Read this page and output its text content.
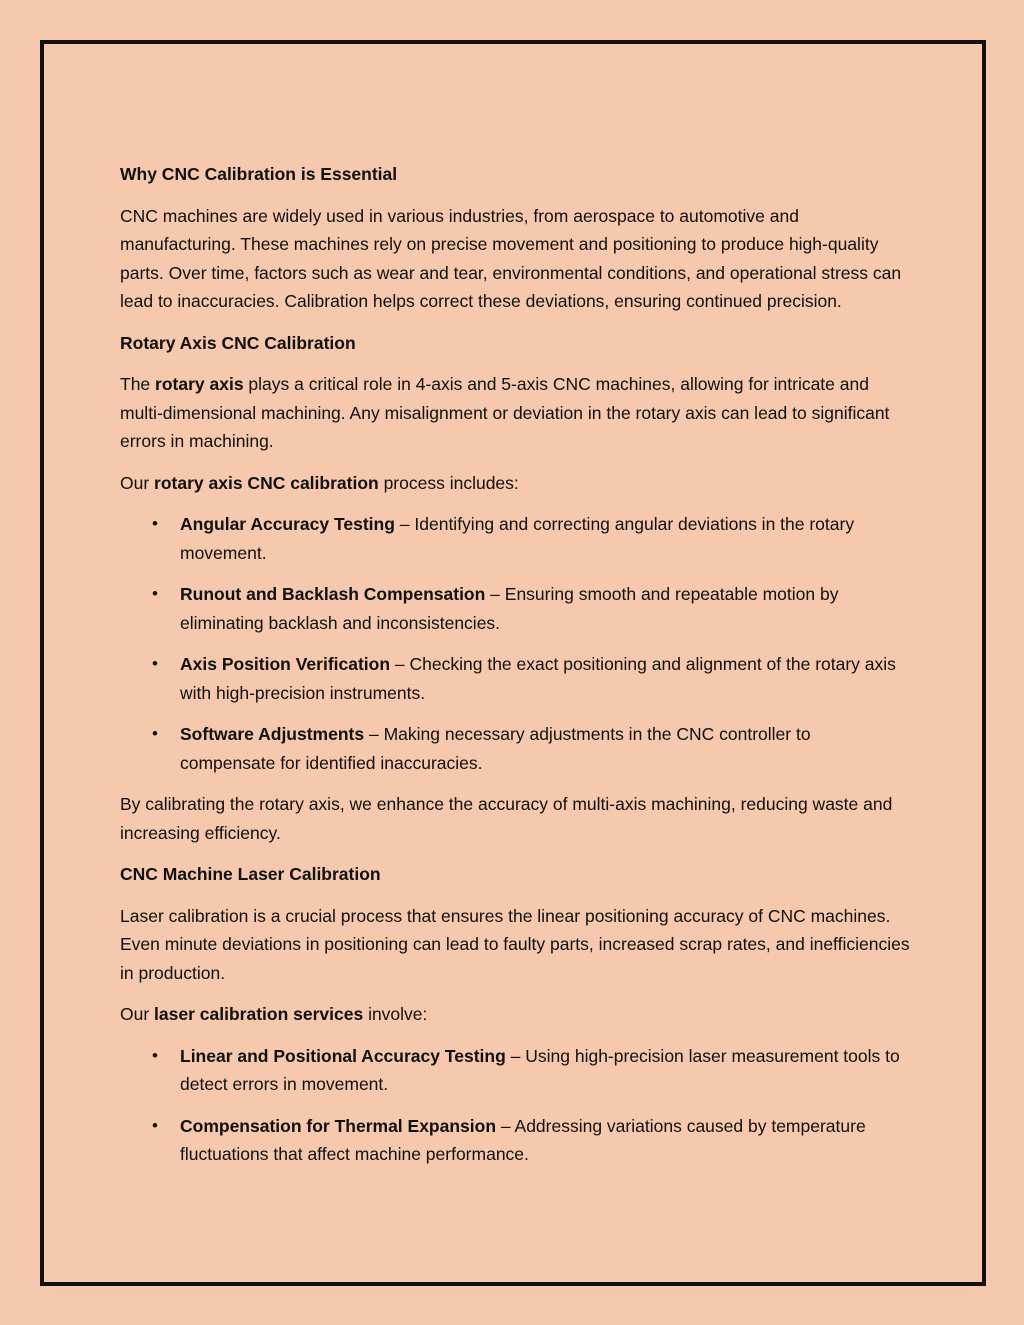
Why CNC Calibration is Essential

CNC machines are widely used in various industries, from aerospace to automotive and manufacturing. These machines rely on precise movement and positioning to produce high-quality parts. Over time, factors such as wear and tear, environmental conditions, and operational stress can lead to inaccuracies. Calibration helps correct these deviations, ensuring continued precision.

Rotary Axis CNC Calibration

The rotary axis plays a critical role in 4-axis and 5-axis CNC machines, allowing for intricate and multi-dimensional machining. Any misalignment or deviation in the rotary axis can lead to significant errors in machining.

Our rotary axis CNC calibration process includes:

• Angular Accuracy Testing – Identifying and correcting angular deviations in the rotary movement.
• Runout and Backlash Compensation – Ensuring smooth and repeatable motion by eliminating backlash and inconsistencies.
• Axis Position Verification – Checking the exact positioning and alignment of the rotary axis with high-precision instruments.
• Software Adjustments – Making necessary adjustments in the CNC controller to compensate for identified inaccuracies.

By calibrating the rotary axis, we enhance the accuracy of multi-axis machining, reducing waste and increasing efficiency.

CNC Machine Laser Calibration

Laser calibration is a crucial process that ensures the linear positioning accuracy of CNC machines. Even minute deviations in positioning can lead to faulty parts, increased scrap rates, and inefficiencies in production.

Our laser calibration services involve:

• Linear and Positional Accuracy Testing – Using high-precision laser measurement tools to detect errors in movement.
• Compensation for Thermal Expansion – Addressing variations caused by temperature fluctuations that affect machine performance.
